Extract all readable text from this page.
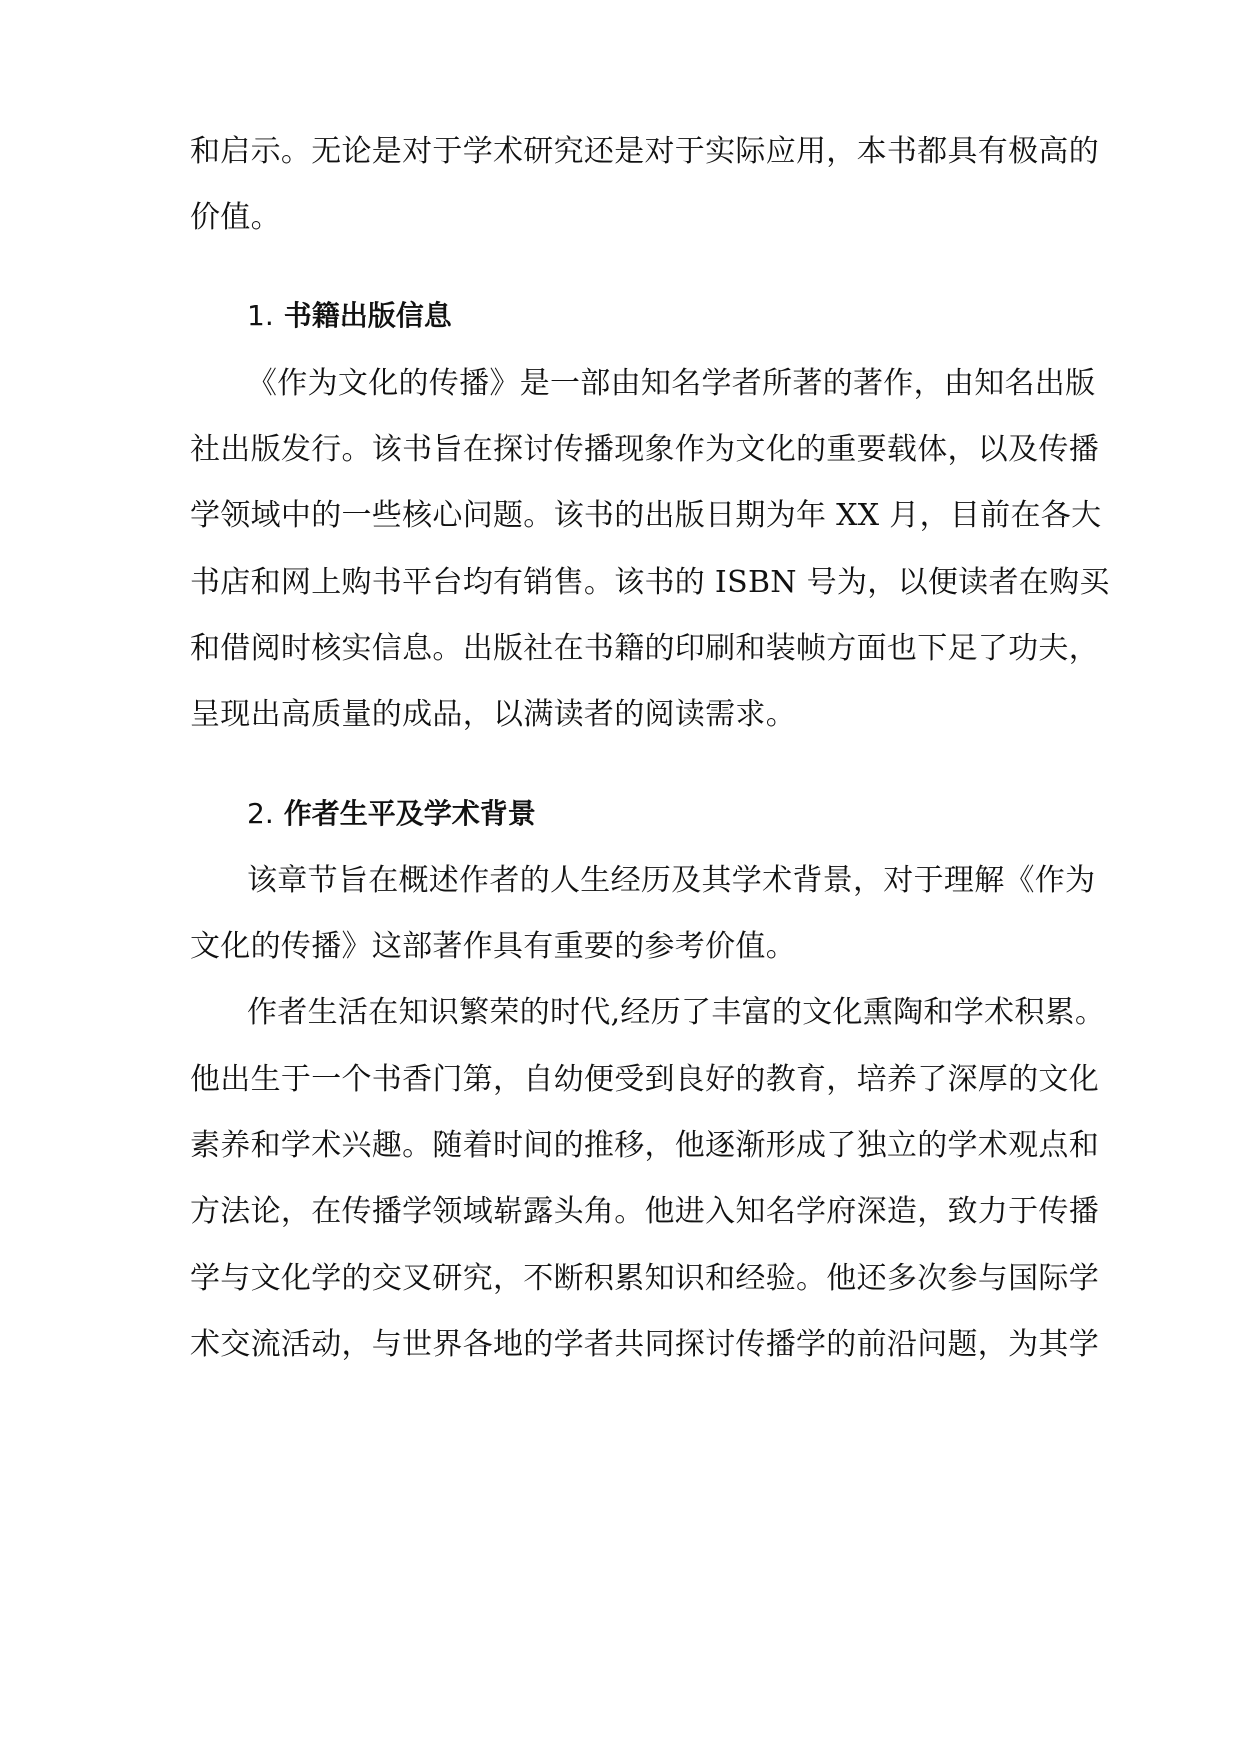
和启示。无论是对于学术研究还是对于实际应用，本书都具有极高的
价值。
1. 书籍出版信息
《作为文化的传播》是一部由知名学者所著的著作，由知名出版
社出版发行。该书旨在探讨传播现象作为文化的重要载体，以及传播
学领域中的一些核心问题。该书的出版日期为年 XX 月，目前在各大
书店和网上购书平台均有销售。该书的 ISBN 号为，以便读者在购买
和借阅时核实信息。出版社在书籍的印刷和装帧方面也下足了功夫，
呈现出高质量的成品，以满读者的阅读需求。
2. 作者生平及学术背景
该章节旨在概述作者的人生经历及其学术背景，对于理解《作为
文化的传播》这部著作具有重要的参考价值。
作者生活在知识繁荣的时代,经历了丰富的文化熏陶和学术积累。
他出生于一个书香门第，自幼便受到良好的教育，培养了深厚的文化
素养和学术兴趣。随着时间的推移，他逐渐形成了独立的学术观点和
方法论，在传播学领域崭露头角。他进入知名学府深造，致力于传播
学与文化学的交叉研究，不断积累知识和经验。他还多次参与国际学
术交流活动，与世界各地的学者共同探讨传播学的前沿问题，为其学
